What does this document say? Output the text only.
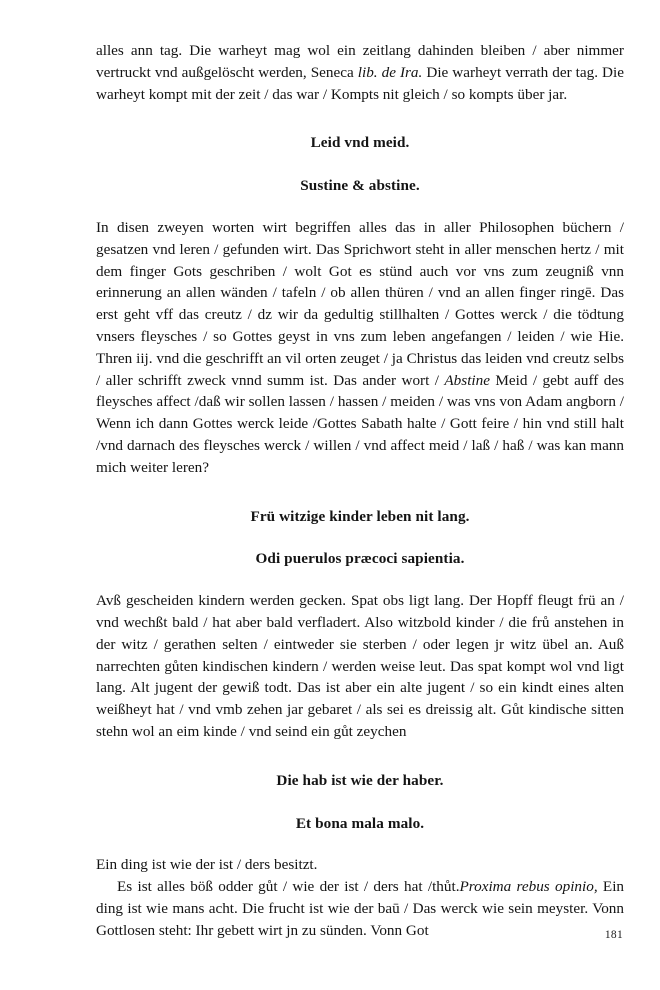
alles ann tag. Die warheyt mag wol ein zeitlang dahinden bleiben / aber nimmer vertruckt vnd außgelöscht werden, Seneca lib. de Ira. Die warheyt verrath der tag. Die warheyt kompt mit der zeit / das war / Kompts nit gleich / so kompts über jar.

Leid vnd meid.
Sustine & abstine.

In disen zweyen worten wirt begriffen alles das in aller Philosophen büchern / gesatzen vnd leren / gefunden wirt. Das Sprichwort steht in aller menschen hertz / mit dem finger Gots geschriben / wolt Got es stünd auch vor vns zum zeugniß vnn erinnerung an allen wänden / tafeln / ob allen thüren / vnd an allen finger ringē. Das erst geht vff das creutz / dz wir da gedultig stillhalten / Gottes werck / die tödtung vnsers fleysches / so Gottes geyst in vns zum leben angefangen / leiden / wie Hie. Thren iij. vnd die geschrifft an vil orten zeuget / ja Christus das leiden vnd creutz selbs / aller schrifft zweck vnnd summ ist. Das ander wort / Abstine Meid / gebt auff des fleysches affect /daß wir sollen lassen / hassen / meiden / was vns von Adam angborn / Wenn ich dann Gottes werck leide /Gottes Sabath halte / Gott feire / hin vnd still halt /vnd darnach des fleysches werck / willen / vnd affect meid / laß / haß / was kan mann mich weiter leren?

Frü witzige kinder leben nit lang.
Odi puerulos præcoci sapientia.

Avß gescheiden kindern werden gecken. Spat obs ligt lang. Der Hopff fleugt frü an / vnd wechßt bald / hat aber bald verfladert. Also witzbold kinder / die frů anstehen in der witz / gerathen selten / eintweder sie sterben / oder legen jr witz übel an. Auß narrechten gůten kindischen kindern / werden weise leut. Das spat kompt wol vnd ligt lang. Alt jugent der gewiß todt. Das ist aber ein alte jugent / so ein kindt eines alten weißheyt hat / vnd vmb zehen jar gebaret / als sei es dreissig alt. Gůt kindische sitten stehn wol an eim kinde / vnd seind ein gůt zeychen

Die hab ist wie der haber.
Et bona mala malo.

Ein ding ist wie der ist / ders besitzt.
Es ist alles böß odder gůt / wie der ist / ders hat /thůt.Proxima rebus opinio, Ein ding ist wie mans acht. Die frucht ist wie der baū / Das werck wie sein meyster. Vonn Gottlosen steht: Ihr gebett wirt jn zu sünden. Vonn Got	181
